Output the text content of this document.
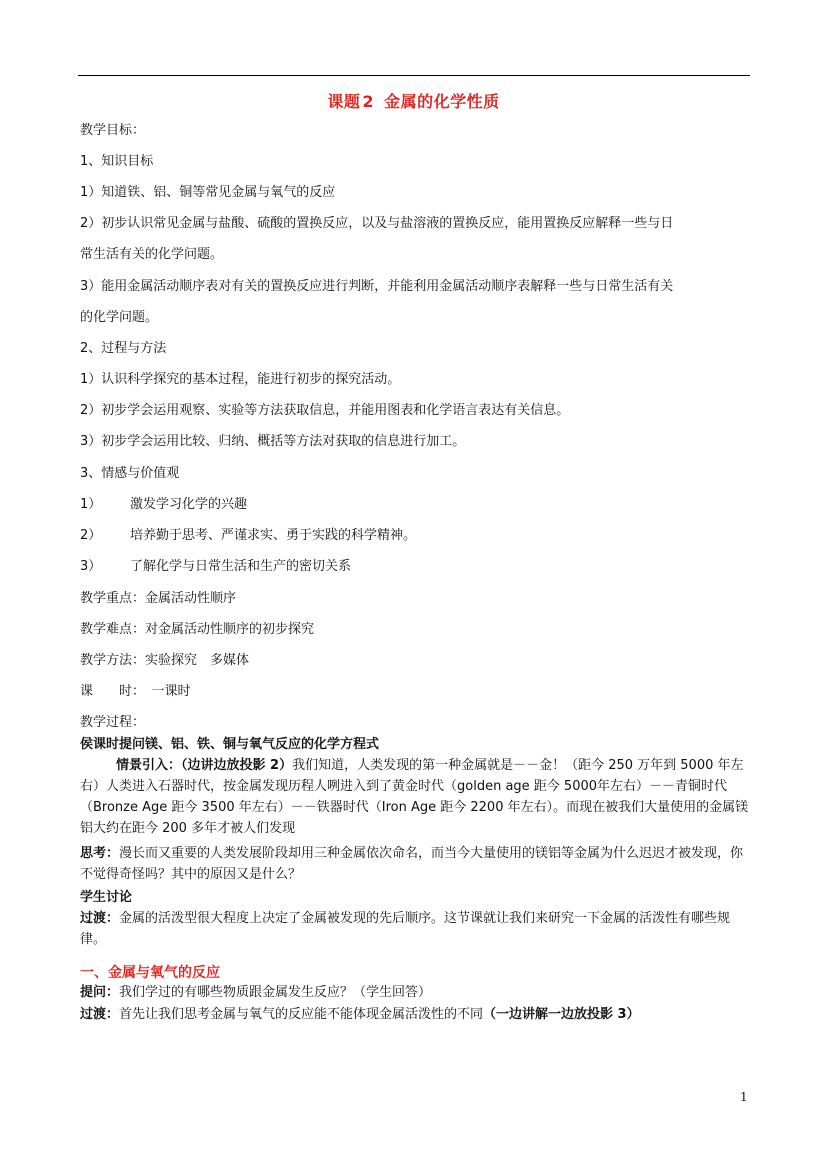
课题 2 金属的化学性质
教学目标：
1、知识目标
1）知道铁、铝、铜等常见金属与氧气的反应
2）初步认识常见金属与盐酸、硫酸的置换反应，以及与盐溶液的置换反应，能用置换反应解释一些与日
常生活有关的化学问题。
3）能用金属活动顺序表对有关的置换反应进行判断，并能利用金属活动顺序表解释一些与日常生活有关
的化学问题。
2、过程与方法
1）认识科学探究的基本过程，能进行初步的探究活动。
2）初步学会运用观察、实验等方法获取信息，并能用图表和化学语言表达有关信息。
3）初步学会运用比较、归纳、概括等方法对获取的信息进行加工。
3、情感与价值观
1） 激发学习化学的兴趣
2） 培养勤于思考、严谨求实、勇于实践的科学精神。
3） 了解化学与日常生活和生产的密切关系
教学重点：金属活动性顺序
教学难点：对金属活动性顺序的初步探究
教学方法：实验探究　多媒体
课　　时：　一课时
教学过程：
侯课时提问镁、铝、铁、铜与氧气反应的化学方程式
情景引入：（边讲边放投影 2）我们知道，人类发现的第一种金属就是－－金！（距今 250 万年到 5000 年左右）人类进入石器时代，按金属发现历程人咧进入到了黄金时代（golden age 距今 5000年左右）－－青铜时代（Bronze Age 距今 3500 年左右）－－铁器时代（Iron Age 距今 2200 年左右）。而现在被我们大量使用的金属镁铝大约在距今 200 多年才被人们发现
思考：漫长而又重要的人类发展阶段却用三种金属依次命名，而当今大量使用的镁铝等金属为什么迟迟才被发现，你不觉得奇怪吗？其中的原因又是什么？
学生讨论
过渡：金属的活泼型很大程度上决定了金属被发现的先后顺序。这节课就让我们来研究一下金属的活泼性有哪些规律。
一、金属与氧气的反应
提问：我们学过的有哪些物质跟金属发生反应？（学生回答）
过渡：首先让我们思考金属与氧气的反应能不能体现金属活泼性的不同（一边讲解一边放投影 3）
1
